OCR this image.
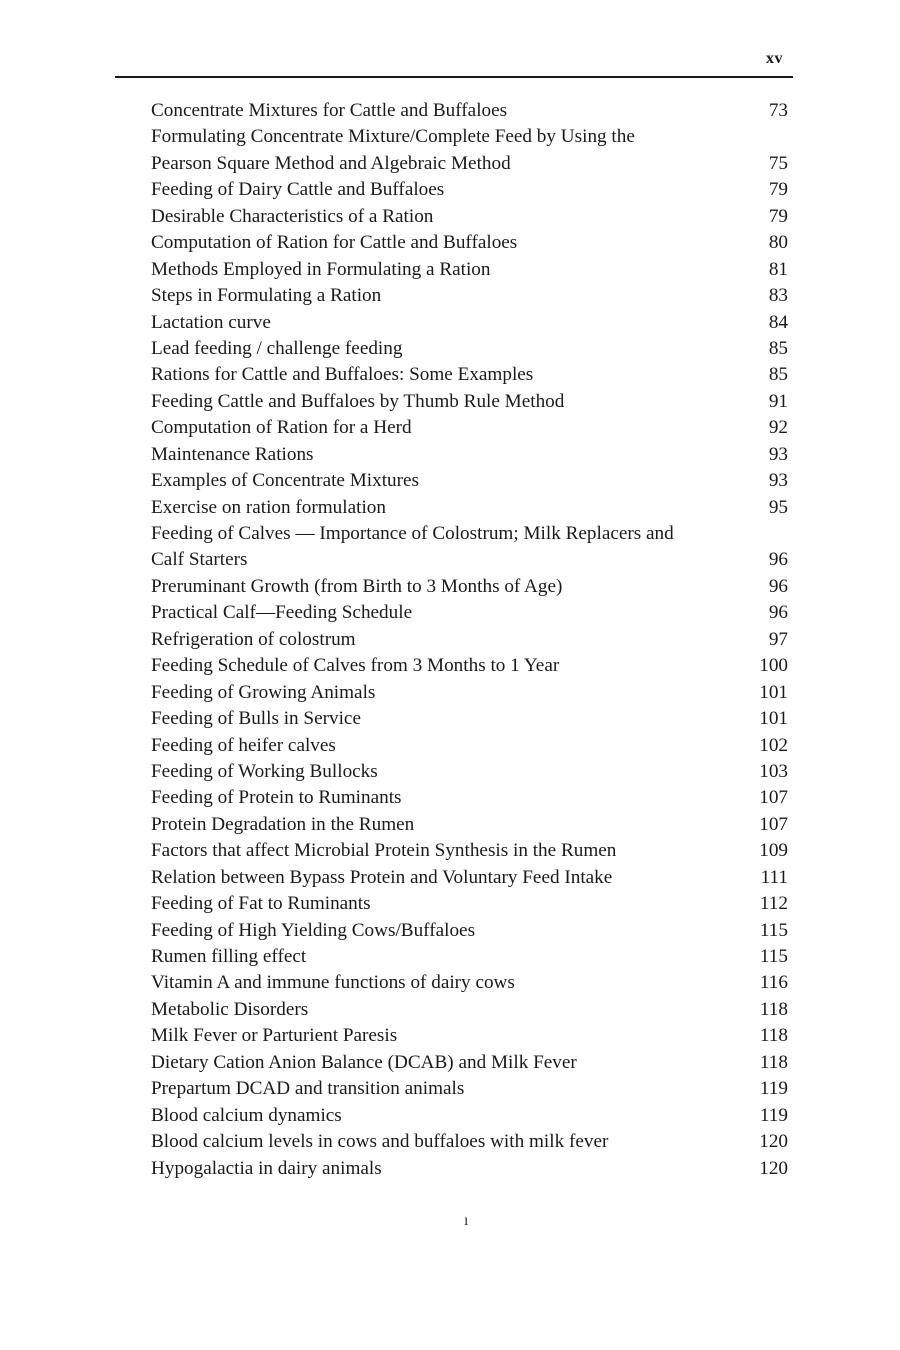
xv
Concentrate Mixtures for Cattle and Buffaloes	73
Formulating Concentrate Mixture/Complete Feed by Using the
Pearson Square Method and Algebraic Method	75
Feeding of Dairy Cattle and Buffaloes	79
Desirable Characteristics of a Ration	79
Computation of Ration for Cattle and Buffaloes	80
Methods Employed in Formulating a Ration	81
Steps in Formulating a Ration	83
Lactation curve	84
Lead feeding / challenge feeding	85
Rations for Cattle and Buffaloes: Some Examples	85
Feeding Cattle and Buffaloes by Thumb Rule Method	91
Computation of Ration for a Herd	92
Maintenance Rations	93
Examples of Concentrate Mixtures	93
Exercise on ration formulation	95
Feeding of Calves — Importance of Colostrum; Milk Replacers and
Calf Starters	96
Preruminant Growth (from Birth to 3 Months of Age)	96
Practical Calf—Feeding Schedule	96
Refrigeration of colostrum	97
Feeding Schedule of Calves from 3 Months to 1 Year	100
Feeding of Growing Animals	101
Feeding of Bulls in Service	101
Feeding of heifer calves	102
Feeding of Working Bullocks	103
Feeding of Protein to Ruminants	107
Protein Degradation in the Rumen	107
Factors that affect Microbial Protein Synthesis in the Rumen	109
Relation between Bypass Protein and Voluntary Feed Intake	111
Feeding of Fat to Ruminants	112
Feeding of High Yielding Cows/Buffaloes	115
Rumen filling effect	115
Vitamin A and immune functions of dairy cows	116
Metabolic Disorders	118
Milk Fever or Parturient Paresis	118
Dietary Cation Anion Balance (DCAB) and Milk Fever	118
Prepartum DCAD and transition animals	119
Blood calcium dynamics	119
Blood calcium levels in cows and buffaloes with milk fever	120
Hypogalactia in dairy animals	120
ı
